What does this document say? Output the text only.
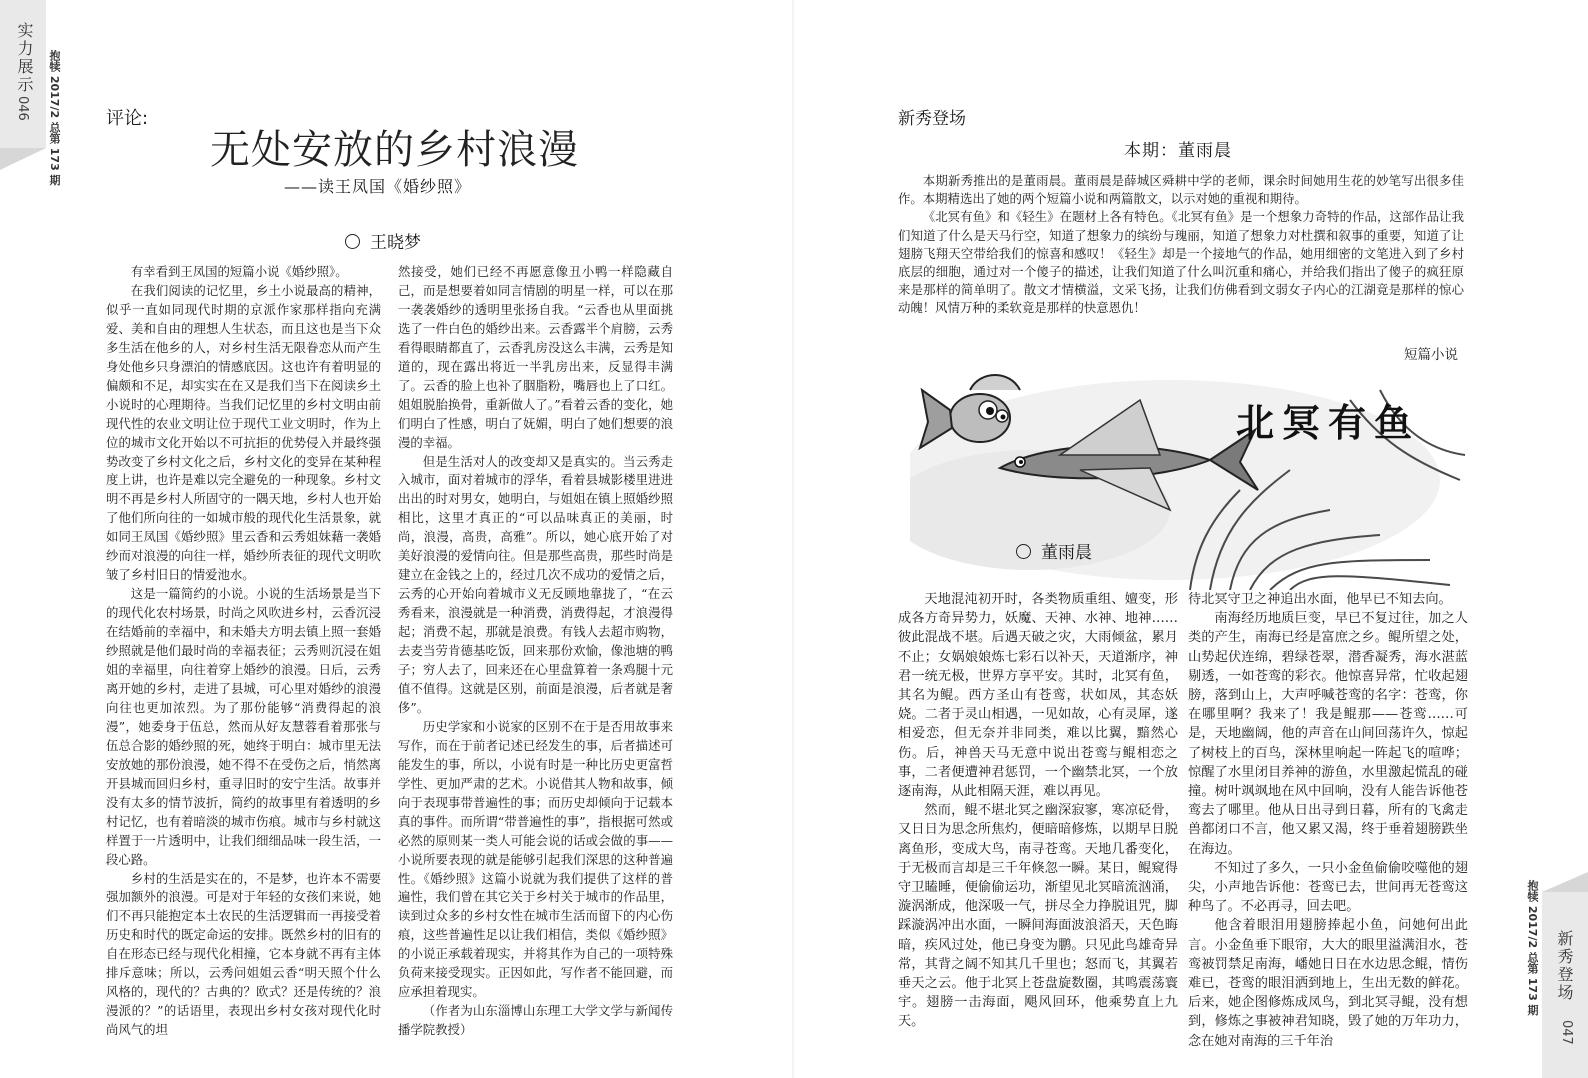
实力展示
046 抱犊 2017/2 总第 173 期	评论:
无处安放的乡村浪漫
——读王凤国《婚纱照》
王晓梦

有幸看到王凤国的短篇小说《婚纱照》。

在我们阅读的记忆里，乡土小说最高的精神，似乎一直如同现代时期的京派作家那样指向充满爱、美和自由的理想人生状态，而且这也是当下众多生活在他乡的人，对乡村生活无限眷恋从而产生身处他乡只身漂泊的情感底因。这也许有着明显的偏颇和不足，却实实在在又是我们当下在阅读乡土小说时的心理期待。当我们记忆里的乡村文明由前现代性的农业文明让位于现代工业文明时，作为上位的城市文化开始以不可抗拒的优势侵入并最终强势改变了乡村文化之后，乡村文化的变异在某种程度上讲，也许是难以完全避免的一种现象。乡村文明不再是乡村人所固守的一隅天地，乡村人也开始了他们所向往的一如城市般的现代化生活景象，就如同王凤国《婚纱照》里云香和云秀姐妹藉一袭婚纱而对浪漫的向往一样，婚纱所表征的现代文明吹皱了乡村旧日的情爱池水。

这是一篇简约的小说。小说的生活场景是当下的现代化农村场景，时尚之风吹进乡村，云香沉浸在结婚前的幸福中，和未婚夫方明去镇上照一套婚纱照就是他们最时尚的幸福表征；云秀则沉浸在姐姐的幸福里，向往着穿上婚纱的浪漫。日后，云秀离开她的乡村，走进了县城，可心里对婚纱的浪漫向往也更加浓烈。为了那份能够“消费得起的浪漫”，她委身于伍总，然而从好友慧蓉看着那张与伍总合影的婚纱照的死，她终于明白：城市里无法安放她的那份浪漫，她不得不在受伤之后，悄然离开县城而回归乡村，重寻旧时的安宁生活。故事并没有太多的情节波折，简约的故事里有着透明的乡村记忆，也有着暗淡的城市伤痕。城市与乡村就这样置于一片透明中，让我们细细品味一段生活，一段心路。

乡村的生活是实在的，不是梦，也许本不需要强加额外的浪漫。可是对于年轻的女孩们来说，她们不再只能抱定本土农民的生活逻辑而一再接受着历史和时代的既定命运的安排。既然乡村的旧有的自在形态已经与现代化相撞，它本身就不再有主体排斥意味；所以，云秀问姐姐云香“明天照个什么风格的，现代的？古典的？欧式？还是传统的？浪漫派的？”的话语里，表现出乡村女孩对现代化时尚风气的坦

然接受，她们已经不再愿意像丑小鸭一样隐藏自己，而是想要着如同言情剧的明星一样，可以在那一袭袭婚纱的透明里张扬自我。“云香也从里面挑选了一件白色的婚纱出来。云香露半个肩膀，云秀看得眼睛都直了，云香乳房没这么丰满，云秀是知道的，现在露出将近一半乳房出来，反显得丰满了。云香的脸上也补了胭脂粉，嘴唇也上了口红。姐姐脱胎换骨，重新做人了。”看着云香的变化，她们明白了性感，明白了妩媚，明白了她们想要的浪漫的幸福。

但是生活对人的改变却又是真实的。当云秀走入城市，面对着城市的浮华，看着县城影楼里进进出出的时对男女，她明白，与姐姐在镇上照婚纱照相比，这里才真正的“可以品味真正的美丽，时尚，浪漫，高贵，高雅”。所以，她心底开始了对美好浪漫的爱情向往。但是那些高贵，那些时尚是建立在金钱之上的，经过几次不成功的爱情之后，云秀的心开始向着城市义无反顾地靠拢了，“在云秀看来，浪漫就是一种消费，消费得起，才浪漫得起；消费不起，那就是浪费。有钱人去超市购物，去麦当劳肯德基吃饭，回来那份欢愉，像池塘的鸭子；穷人去了，回来还在心里盘算着一条鸡腿十元值不值得。这就是区别，前面是浪漫，后者就是奢侈”。

历史学家和小说家的区别不在于是否用故事来写作，而在于前者记述已经发生的事，后者描述可能发生的事，所以，小说有时是一种比历史更富哲学性、更加严肃的艺术。小说借其人物和故事，倾向于表现事带普遍性的事；而历史却倾向于记载本真的事件。而所谓“带普遍性的事”，指根据可然或必然的原则某一类人可能会说的话或会做的事——小说所要表现的就是能够引起我们深思的这种普遍性。《婚纱照》这篇小说就为我们提供了这样的普遍性，我们曾在其它关于乡村关于城市的作品里，读到过众多的乡村女性在城市生活而留下的内心伤痕，这些普遍性足以让我们相信，类似《婚纱照》的小说正承载着现实，并将其作为自己的一项特殊负荷来接受现实。正因如此，写作者不能回避，而应承担着现实。

（作者为山东淄博山东理工大学文学与新闻传播学院教授）

新秀登场
本期：董雨晨

本期新秀推出的是董雨晨。董雨晨是薛城区舜耕中学的老师，课余时间她用生花的妙笔写出很多佳作。本期精选出了她的两个短篇小说和两篇散文，以示对她的重视和期待。

《北冥有鱼》和《轻生》在题材上各有特色。《北冥有鱼》是一个想象力奇特的作品，这部作品让我们知道了什么是天马行空，知道了想象力的缤纷与瑰丽，知道了想象力对杜撰和叙事的重要，知道了让翅膀飞翔天空带给我们的惊喜和感叹！《轻生》却是一个接地气的作品，她用细密的文笔进入到了乡村底层的细胞，通过对一个傻子的描述，让我们知道了什么叫沉重和痛心，并给我们指出了傻子的疯狂原来是那样的简单明了。散文才情横溢，文采飞扬，让我们仿佛看到文弱女子内心的江湖竟是那样的惊心动魄！风情万种的柔软竟是那样的快意恩仇！

短篇小说
北冥有鱼
董雨晨

天地混沌初开时，各类物质重组、嬗变，形成各方奇异势力，妖魔、天神、水神、地神……彼此混战不堪。后遇天破之灾，大雨倾盆，累月不止；女娲娘娘炼七彩石以补天，天道渐序，神君一统无极，世界方享平安。其时，北冥有鱼，其名为鲲。西方圣山有苍鸾，状如凤，其态妖娆。二者于灵山相遇，一见如故，心有灵犀，遂相爱恋，但无奈并非同类，难以比翼，黯然心伤。后，神兽天马无意中说出苍鸾与鲲相恋之事，二者便遭神君惩罚，一个幽禁北冥，一个放逐南海，从此相隔天涯，难以再见。

然而，鲲不堪北冥之幽深寂寥，寒凉砭骨，又日日为思念所焦灼，便暗暗修炼，以期早日脱离鱼形，变成大鸟，南寻苍鸾。天地几番变化，于无极而言却是三千年倏忽一瞬。某日，鲲窥得守卫瞌睡，便偷偷运功，渐望见北冥暗流汹涌，漩涡渐成，他深吸一气，拼尽全力挣脱诅咒，脚踩漩涡冲出水面，一瞬间海面波浪滔天，天色晦暗，疾风过处，他已身变为鹏。只见此鸟雄奇异常，其背之阔不知其几千里也；怒而飞，其翼若垂天之云。他于北冥上苍盘旋数圈，其鸣震荡寰宇。翅膀一击海面，飓风回环，他乘势直上九天。

待北冥守卫之神追出水面，他早已不知去向。

南海经历地质巨变，早已不复过往，加之人类的产生，南海已经是富庶之乡。鲲所望之处，山势起伏连绵，碧绿苍翠，潜香凝秀，海水湛蓝剔透，一如苍鸾的彩衣。他惊喜异常，忙收起翅膀，落到山上，大声呼喊苍鸾的名字：苍鸾，你在哪里啊？我来了！我是鲲那——苍鸾……可是，天地幽阔，他的声音在山间回荡许久，惊起了树枝上的百鸟，深林里响起一阵起飞的喧哗；惊醒了水里闭目养神的游鱼，水里激起慌乱的碰撞。树叶飒飒地在风中回响，没有人能告诉他苍鸾去了哪里。他从日出寻到日暮，所有的飞禽走兽都闭口不言，他又累又渴，终于垂着翅膀跌坐在海边。

不知过了多久，一只小金鱼偷偷咬噬他的翅尖，小声地告诉他：苍鸾已去，世间再无苍鸾这种鸟了。不必再寻，回去吧。

他含着眼泪用翅膀捧起小鱼，问她何出此言。小金鱼垂下眼帘，大大的眼里溢满泪水，苍鸾被罚禁足南海，嶓她日日在水边思念鲲，情伤难已，苍鸾的眼泪洒到地上，生出无数的鲜花。后来，她企图修炼成凤鸟，到北冥寻鲲，没有想到，修炼之事被神君知晓，毁了她的万年功力，念在她对南海的三千年治

抱犊 2017/2 总第 173 期 新秀登场
047
